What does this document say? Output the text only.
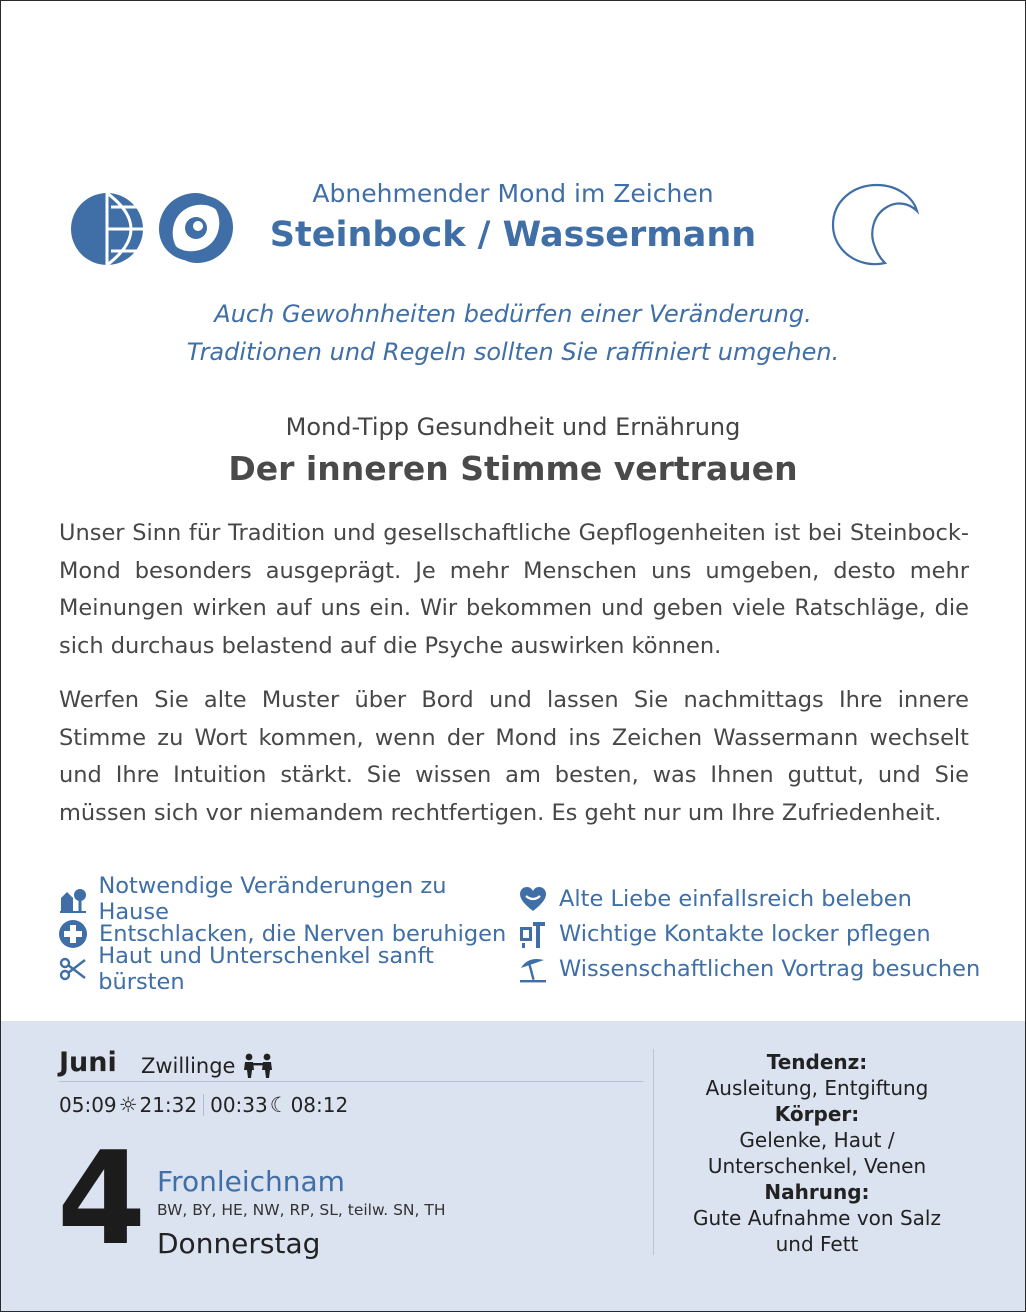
Abnehmender Mond im Zeichen
Steinbock / Wassermann
Auch Gewohnheiten bedürfen einer Veränderung.
Traditionen und Regeln sollten Sie raffiniert umgehen.
Mond-Tipp Gesundheit und Ernährung
Der inneren Stimme vertrauen

Unser Sinn für Tradition und gesellschaftliche Gepflogenheiten ist bei Steinbock-Mond besonders ausgeprägt. Je mehr Menschen uns umgeben, desto mehr Meinungen wirken auf uns ein. Wir bekommen und geben viele Ratschläge, die sich durchaus belastend auf die Psyche auswirken können.

Werfen Sie alte Muster über Bord und lassen Sie nachmittags Ihre innere Stimme zu Wort kommen, wenn der Mond ins Zeichen Wassermann wechselt und Ihre Intuition stärkt. Sie wissen am besten, was Ihnen guttut, und Sie müssen sich vor niemandem rechtfertigen. Es geht nur um Ihre Zufriedenheit.

Notwendige Veränderungen zu Hause	Alte Liebe einfallsreich beleben
Entschlacken, die Nerven beruhigen Wichtige Kontakte locker pflegen
Haut und Unterschenkel sanft bürsten	Wissenschaftlichen Vortrag besuchen
Juni Zwillinge
05:09 ☼ 21:32 00:33 ☾ 08:12
4 Fronleichnam
BW, BY, HE, NW, RP, SL, teilw. SN, TH
Donnerstag
Tendenz:
Ausleitung, Entgiftung
Körper:
Gelenke, Haut /
Unterschenkel, Venen
Nahrung:
Gute Aufnahme von Salz
und Fett
